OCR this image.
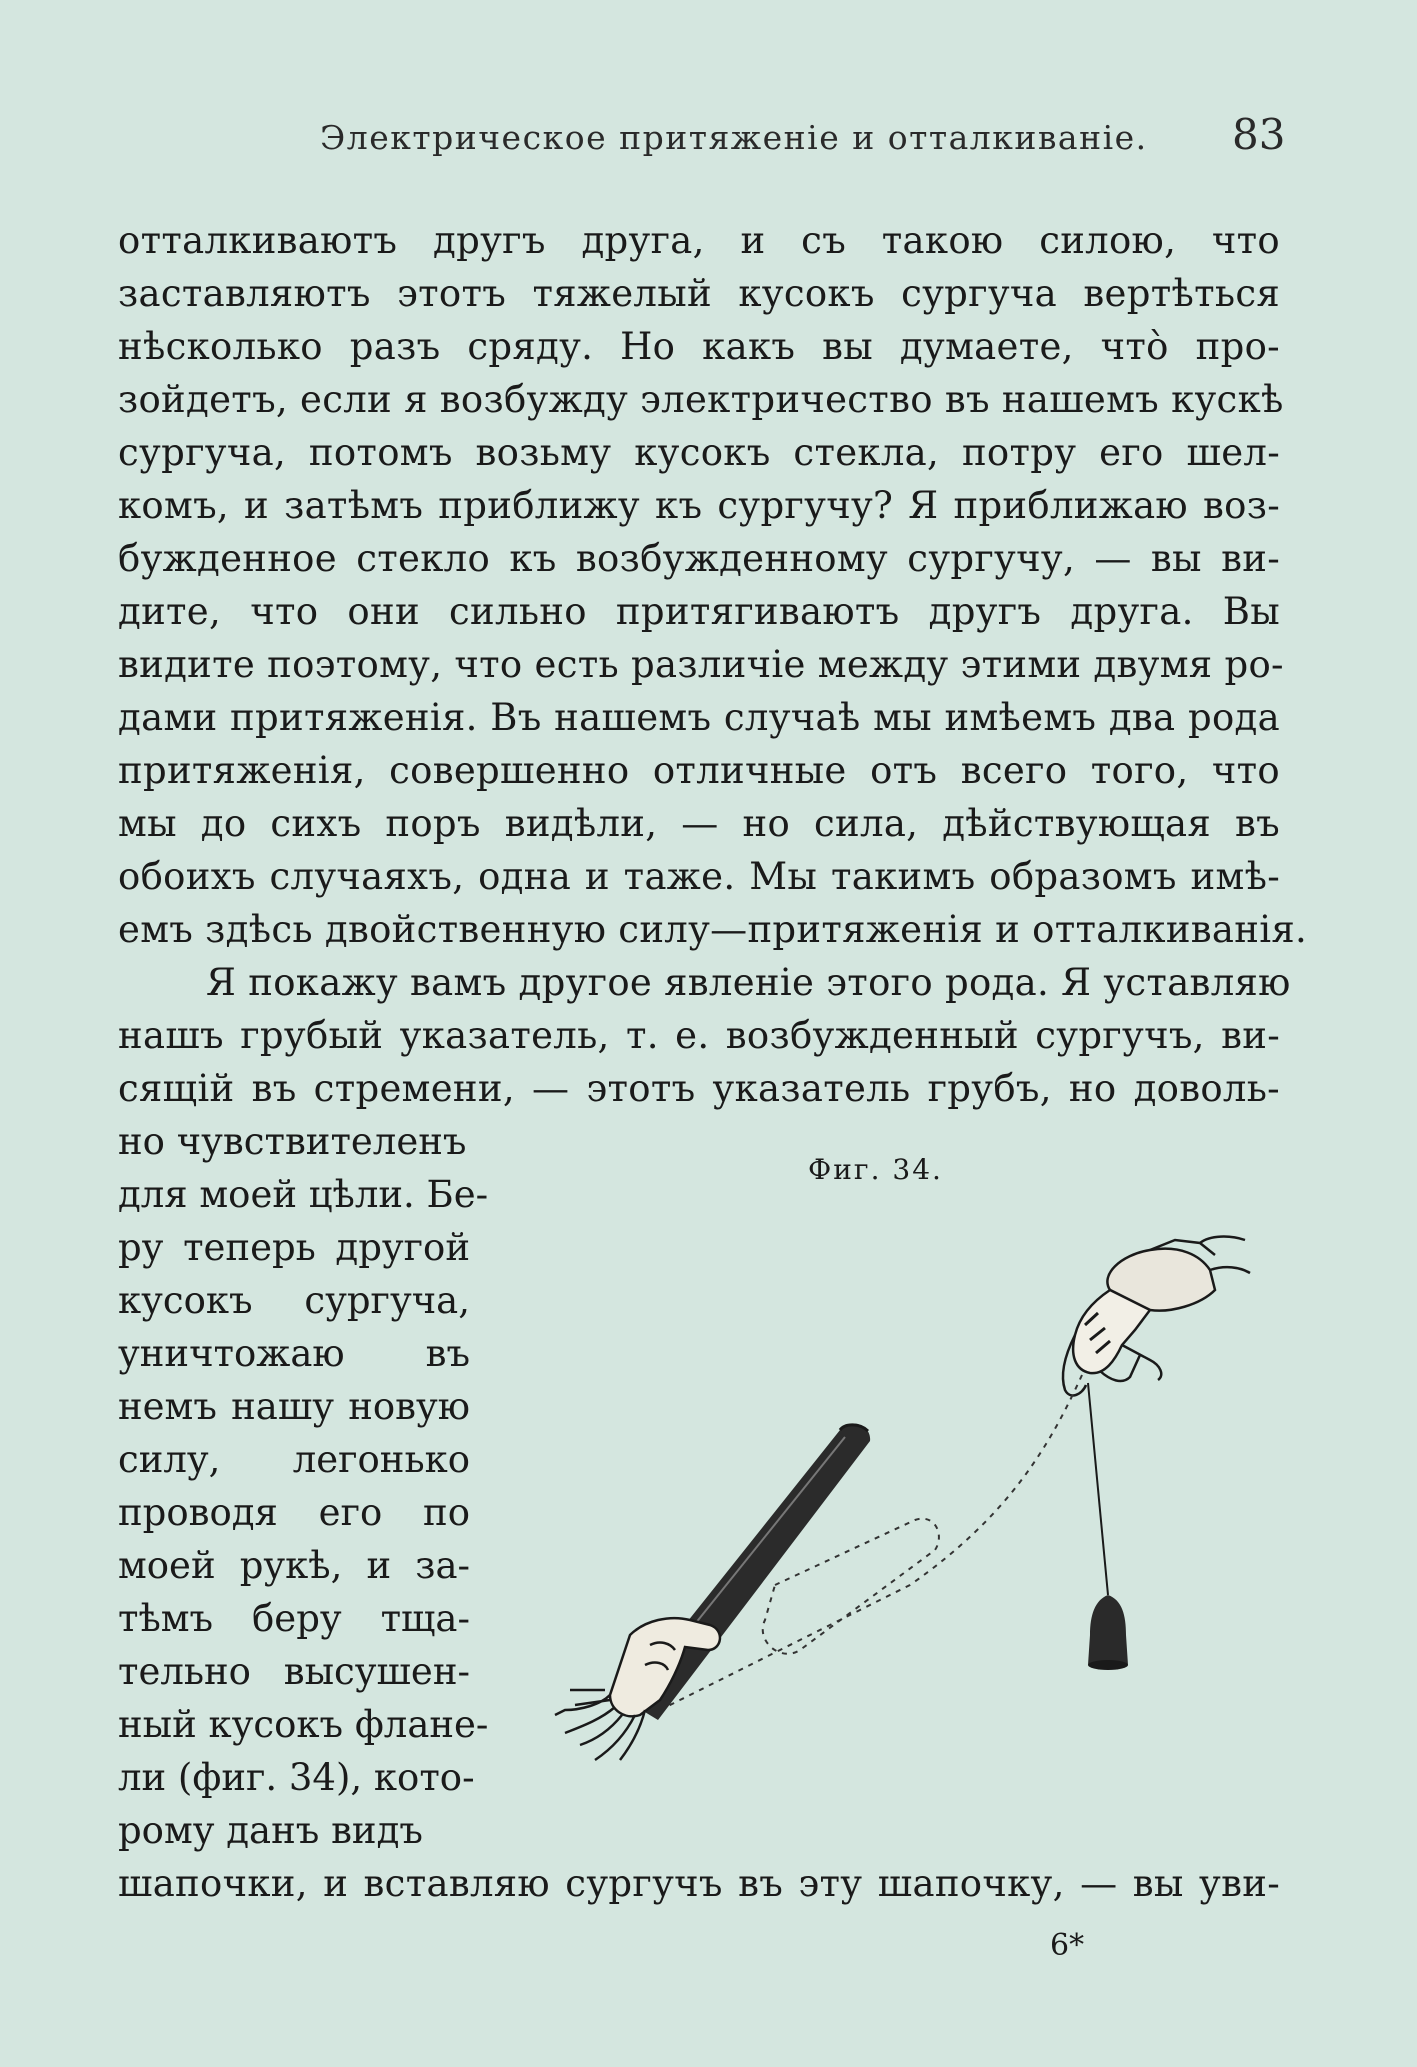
Электрическое притяженіе и отталкиваніе. 83
отталкиваютъ другъ друга, и съ такою силою, что
заставляютъ этотъ тяжелый кусокъ сургуча вертѣться
нѣсколько разъ сряду. Но какъ вы думаете, что̀ про-
зойдетъ, если я возбужду электричество въ нашемъ кускѣ
сургуча, потомъ возьму кусокъ стекла, потру его шел-
комъ, и затѣмъ приближу къ сургучу? Я приближаю воз-
бужденное стекло къ возбужденному сургучу, — вы ви-
дите, что они сильно притягиваютъ другъ друга. Вы
видите поэтому, что есть различіе между этими двумя ро-
дами притяженія. Въ нашемъ случаѣ мы имѣемъ два рода
притяженія, совершенно отличные отъ всего того, что
мы до сихъ поръ видѣли, — но сила, дѣйствующая въ
обоихъ случаяхъ, одна и таже. Мы такимъ образомъ имѣ-
емъ здѣсь двойственную силу—притяженія и отталкиванія.
Я покажу вамъ другое явленіе этого рода. Я уставляю
нашъ грубый указатель, т. е. возбужденный сургучъ, ви-
сящій въ стремени, — этотъ указатель грубъ, но доволь-
но чувствителенъ
для моей цѣли. Бе-
ру теперь другой
кусокъ сургуча,
уничтожаю въ
немъ нашу новую
силу, легонько
проводя его по
моей рукѣ, и за-
тѣмъ беру тща-
тельно высушен-
ный кусокъ флане-
ли (фиг. 34), кото-
рому данъ видъ
шапочки, и вставляю сургучъ въ эту шапочку, — вы уви-
Фиг. 34.
6*
